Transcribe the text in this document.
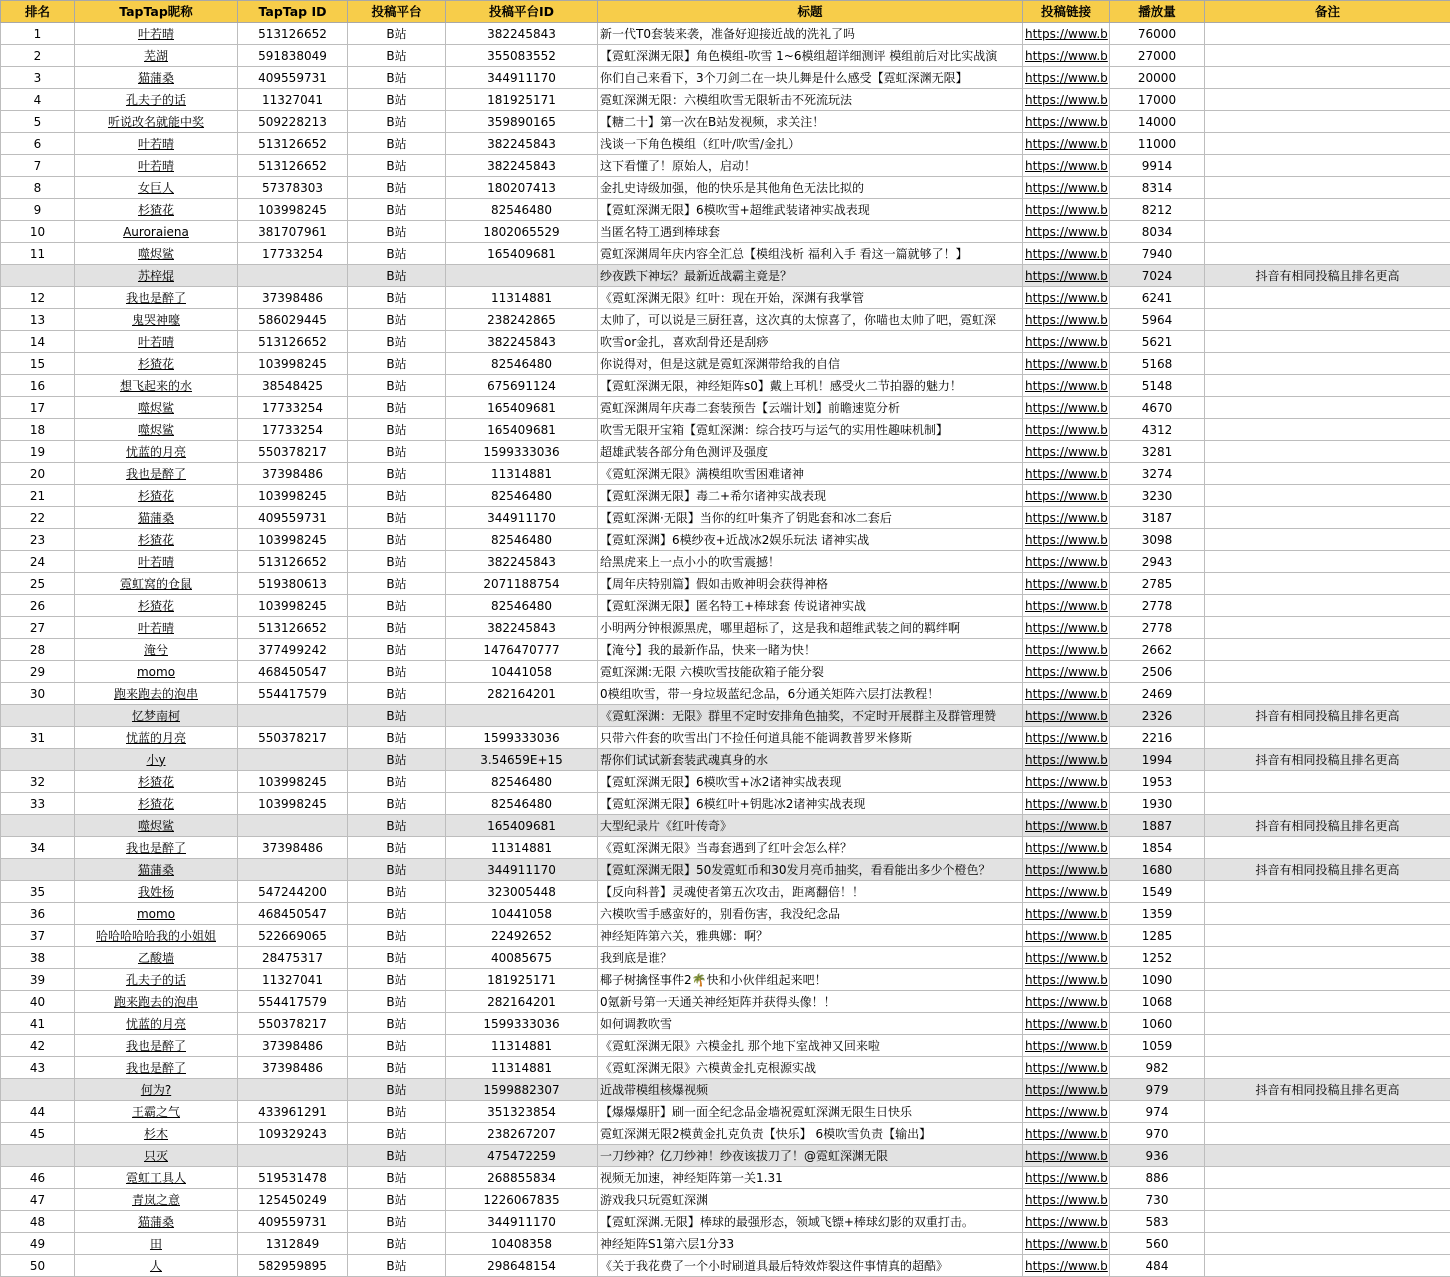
排名	TapTap昵称	TapTap ID	投稿平台	投稿平台ID	标题	投稿链接	播放量	备注
1	叶若晴	513126652	B站	382245843	新一代T0套装来袭，准备好迎接近战的洗礼了吗	https://www.b	76000	
2	芜湖	591838049	B站	355083552	【霓虹深渊无限】角色模组-吹雪 1~6模组超详细测评 模组前后对比实战演	https://www.b	27000	
3	猫蒲桑	409559731	B站	344911170	你们自己来看下，3个刀剑二在一块儿舞是什么感受【霓虹深渊无限】	https://www.b	20000	
4	孔夫子的话	11327041	B站	181925171	霓虹深渊无限：六模组吹雪无限斩击不死流玩法	https://www.b	17000	
5	听说改名就能中奖	509228213	B站	359890165	【糖二十】第一次在B站发视频，求关注！	https://www.b	14000	
6	叶若晴	513126652	B站	382245843	浅谈一下角色模组（红叶/吹雪/金扎）	https://www.b	11000	
7	叶若晴	513126652	B站	382245843	这下看懂了！原始人，启动！	https://www.b	9914	
8	女巨人	57378303	B站	180207413	金扎史诗级加强，他的快乐是其他角色无法比拟的	https://www.b	8314	
9	杉猹花	103998245	B站	82546480	【霓虹深渊无限】6模吹雪+超维武装诸神实战表现	https://www.b	8212	
10	Auroraiena	381707961	B站	1802065529	当匿名特工遇到棒球套	https://www.b	8034	
11	噬烬鲨	17733254	B站	165409681	霓虹深渊周年庆内容全汇总【模组浅析 福利入手 看这一篇就够了！】	https://www.b	7940	
	苏梓焜		B站		纱夜跌下神坛？最新近战霸主竟是？	https://www.b	7024	抖音有相同投稿且排名更高
12	我也是醉了	37398486	B站	11314881	《霓虹深渊无限》红叶：现在开始，深渊有我掌管	https://www.b	6241	
13	鬼哭神嚎	586029445	B站	238242865	太帅了，可以说是三厨狂喜，这次真的太惊喜了，你喵也太帅了吧，霓虹深	https://www.b	5964	
14	叶若晴	513126652	B站	382245843	吹雪or金扎，喜欢刮骨还是刮痧	https://www.b	5621	
15	杉猹花	103998245	B站	82546480	你说得对，但是这就是霓虹深渊带给我的自信	https://www.b	5168	
16	想飞起来的水	38548425	B站	675691124	【霓虹深渊无限，神经矩阵s0】戴上耳机！感受火二节拍器的魅力！	https://www.b	5148	
17	噬烬鲨	17733254	B站	165409681	霓虹深渊周年庆毒二套装预告【云端计划】前瞻速览分析	https://www.b	4670	
18	噬烬鲨	17733254	B站	165409681	吹雪无限开宝箱【霓虹深渊：综合技巧与运气的实用性趣味机制】	https://www.b	4312	
19	忧蓝的月亮	550378217	B站	1599333036	超雄武装各部分角色测评及强度	https://www.b	3281	
20	我也是醉了	37398486	B站	11314881	《霓虹深渊无限》满模组吹雪困难诸神	https://www.b	3274	
21	杉猹花	103998245	B站	82546480	【霓虹深渊无限】毒二+希尔诸神实战表现	https://www.b	3230	
22	猫蒲桑	409559731	B站	344911170	【霓虹深渊·无限】当你的红叶集齐了钥匙套和冰二套后	https://www.b	3187	
23	杉猹花	103998245	B站	82546480	【霓虹深渊】6模纱夜+近战冰2娱乐玩法 诸神实战	https://www.b	3098	
24	叶若晴	513126652	B站	382245843	给黑虎来上一点小小的吹雪震撼！	https://www.b	2943	
25	霓虹窝的仓鼠	519380613	B站	2071188754	【周年庆特别篇】假如击败神明会获得神格	https://www.b	2785	
26	杉猹花	103998245	B站	82546480	【霓虹深渊无限】匿名特工+棒球套 传说诸神实战	https://www.b	2778	
27	叶若晴	513126652	B站	382245843	小明两分钟根源黑虎，哪里超标了，这是我和超维武装之间的羁绊啊	https://www.b	2778	
28	淹兮	377499242	B站	1476470777	【淹兮】我的最新作品，快来一睹为快！	https://www.b	2662	
29	momo	468450547	B站	10441058	霓虹深渊:无限 六模吹雪技能砍箱子能分裂	https://www.b	2506	
30	跑来跑去的泡串	554417579	B站	282164201	0模组吹雪，带一身垃圾蓝纪念品，6分通关矩阵六层打法教程！	https://www.b	2469	
	忆梦南柯		B站		《霓虹深渊：无限》群里不定时安排角色抽奖，不定时开展群主及群管理赞	https://www.b	2326	抖音有相同投稿且排名更高
31	忧蓝的月亮	550378217	B站	1599333036	只带六件套的吹雪出门不捡任何道具能不能调教普罗米修斯	https://www.b	2216	
	小y		B站	3.54659E+15	帮你们试试新套装武魂真身的水	https://www.b	1994	抖音有相同投稿且排名更高
32	杉猹花	103998245	B站	82546480	【霓虹深渊无限】6模吹雪+冰2诸神实战表现	https://www.b	1953	
33	杉猹花	103998245	B站	82546480	【霓虹深渊无限】6模红叶+钥匙冰2诸神实战表现	https://www.b	1930	
	噬烬鲨		B站	165409681	大型纪录片《红叶传奇》	https://www.b	1887	抖音有相同投稿且排名更高
34	我也是醉了	37398486	B站	11314881	《霓虹深渊无限》当毒套遇到了红叶会怎么样？	https://www.b	1854	
	猫蒲桑		B站	344911170	【霓虹深渊无限】50发霓虹币和30发月亮币抽奖，看看能出多少个橙色？	https://www.b	1680	抖音有相同投稿且排名更高
35	我姓杨	547244200	B站	323005448	【反向科普】灵魂使者第五次攻击，距离翻倍！！	https://www.b	1549	
36	momo	468450547	B站	10441058	六模吹雪手感蛮好的，别看伤害，我没纪念品	https://www.b	1359	
37	哈哈哈哈哈我的小姐姐	522669065	B站	22492652	神经矩阵第六关，雅典娜：啊？	https://www.b	1285	
38	乙酸墙	28475317	B站	40085675	我到底是谁？	https://www.b	1252	
39	孔夫子的话	11327041	B站	181925171	椰子树擒怪事件2🌴快和小伙伴组起来吧！	https://www.b	1090	
40	跑来跑去的泡串	554417579	B站	282164201	0氪新号第一天通关神经矩阵并获得头像！！	https://www.b	1068	
41	忧蓝的月亮	550378217	B站	1599333036	如何调教吹雪	https://www.b	1060	
42	我也是醉了	37398486	B站	11314881	《霓虹深渊无限》六模金扎 那个地下室战神又回来啦	https://www.b	1059	
43	我也是醉了	37398486	B站	11314881	《霓虹深渊无限》六模黄金扎克根源实战	https://www.b	982	
	何为?		B站	1599882307	近战带模组核爆视频	https://www.b	979	抖音有相同投稿且排名更高
44	王霸之气	433961291	B站	351323854	【爆爆爆肝】刷一面全纪念品金墙祝霓虹深渊无限生日快乐	https://www.b	974	
45	杉木	109329243	B站	238267207	霓虹深渊无限2模黄金扎克负责【快乐】 6模吹雪负责【输出】	https://www.b	970	
	只灭		B站	475472259	一刀纱神？亿刀纱神！纱夜该拔刀了！@霓虹深渊无限	https://www.b	936	
46	霓虹工具人	519531478	B站	268855834	视频无加速，神经矩阵第一关1.31	https://www.b	886	
47	青岚之意	125450249	B站	1226067835	游戏我只玩霓虹深渊	https://www.b	730	
48	猫蒲桑	409559731	B站	344911170	【霓虹深渊.无限】棒球的最强形态，领域飞镖+棒球幻影的双重打击。	https://www.b	583	
49	田	1312849	B站	10408358	神经矩阵S1第六层1分33	https://www.b	560	
50	人	582959895	B站	298648154	《关于我花费了一个小时刷道具最后特效炸裂这件事情真的超酷》	https://www.b	484	
